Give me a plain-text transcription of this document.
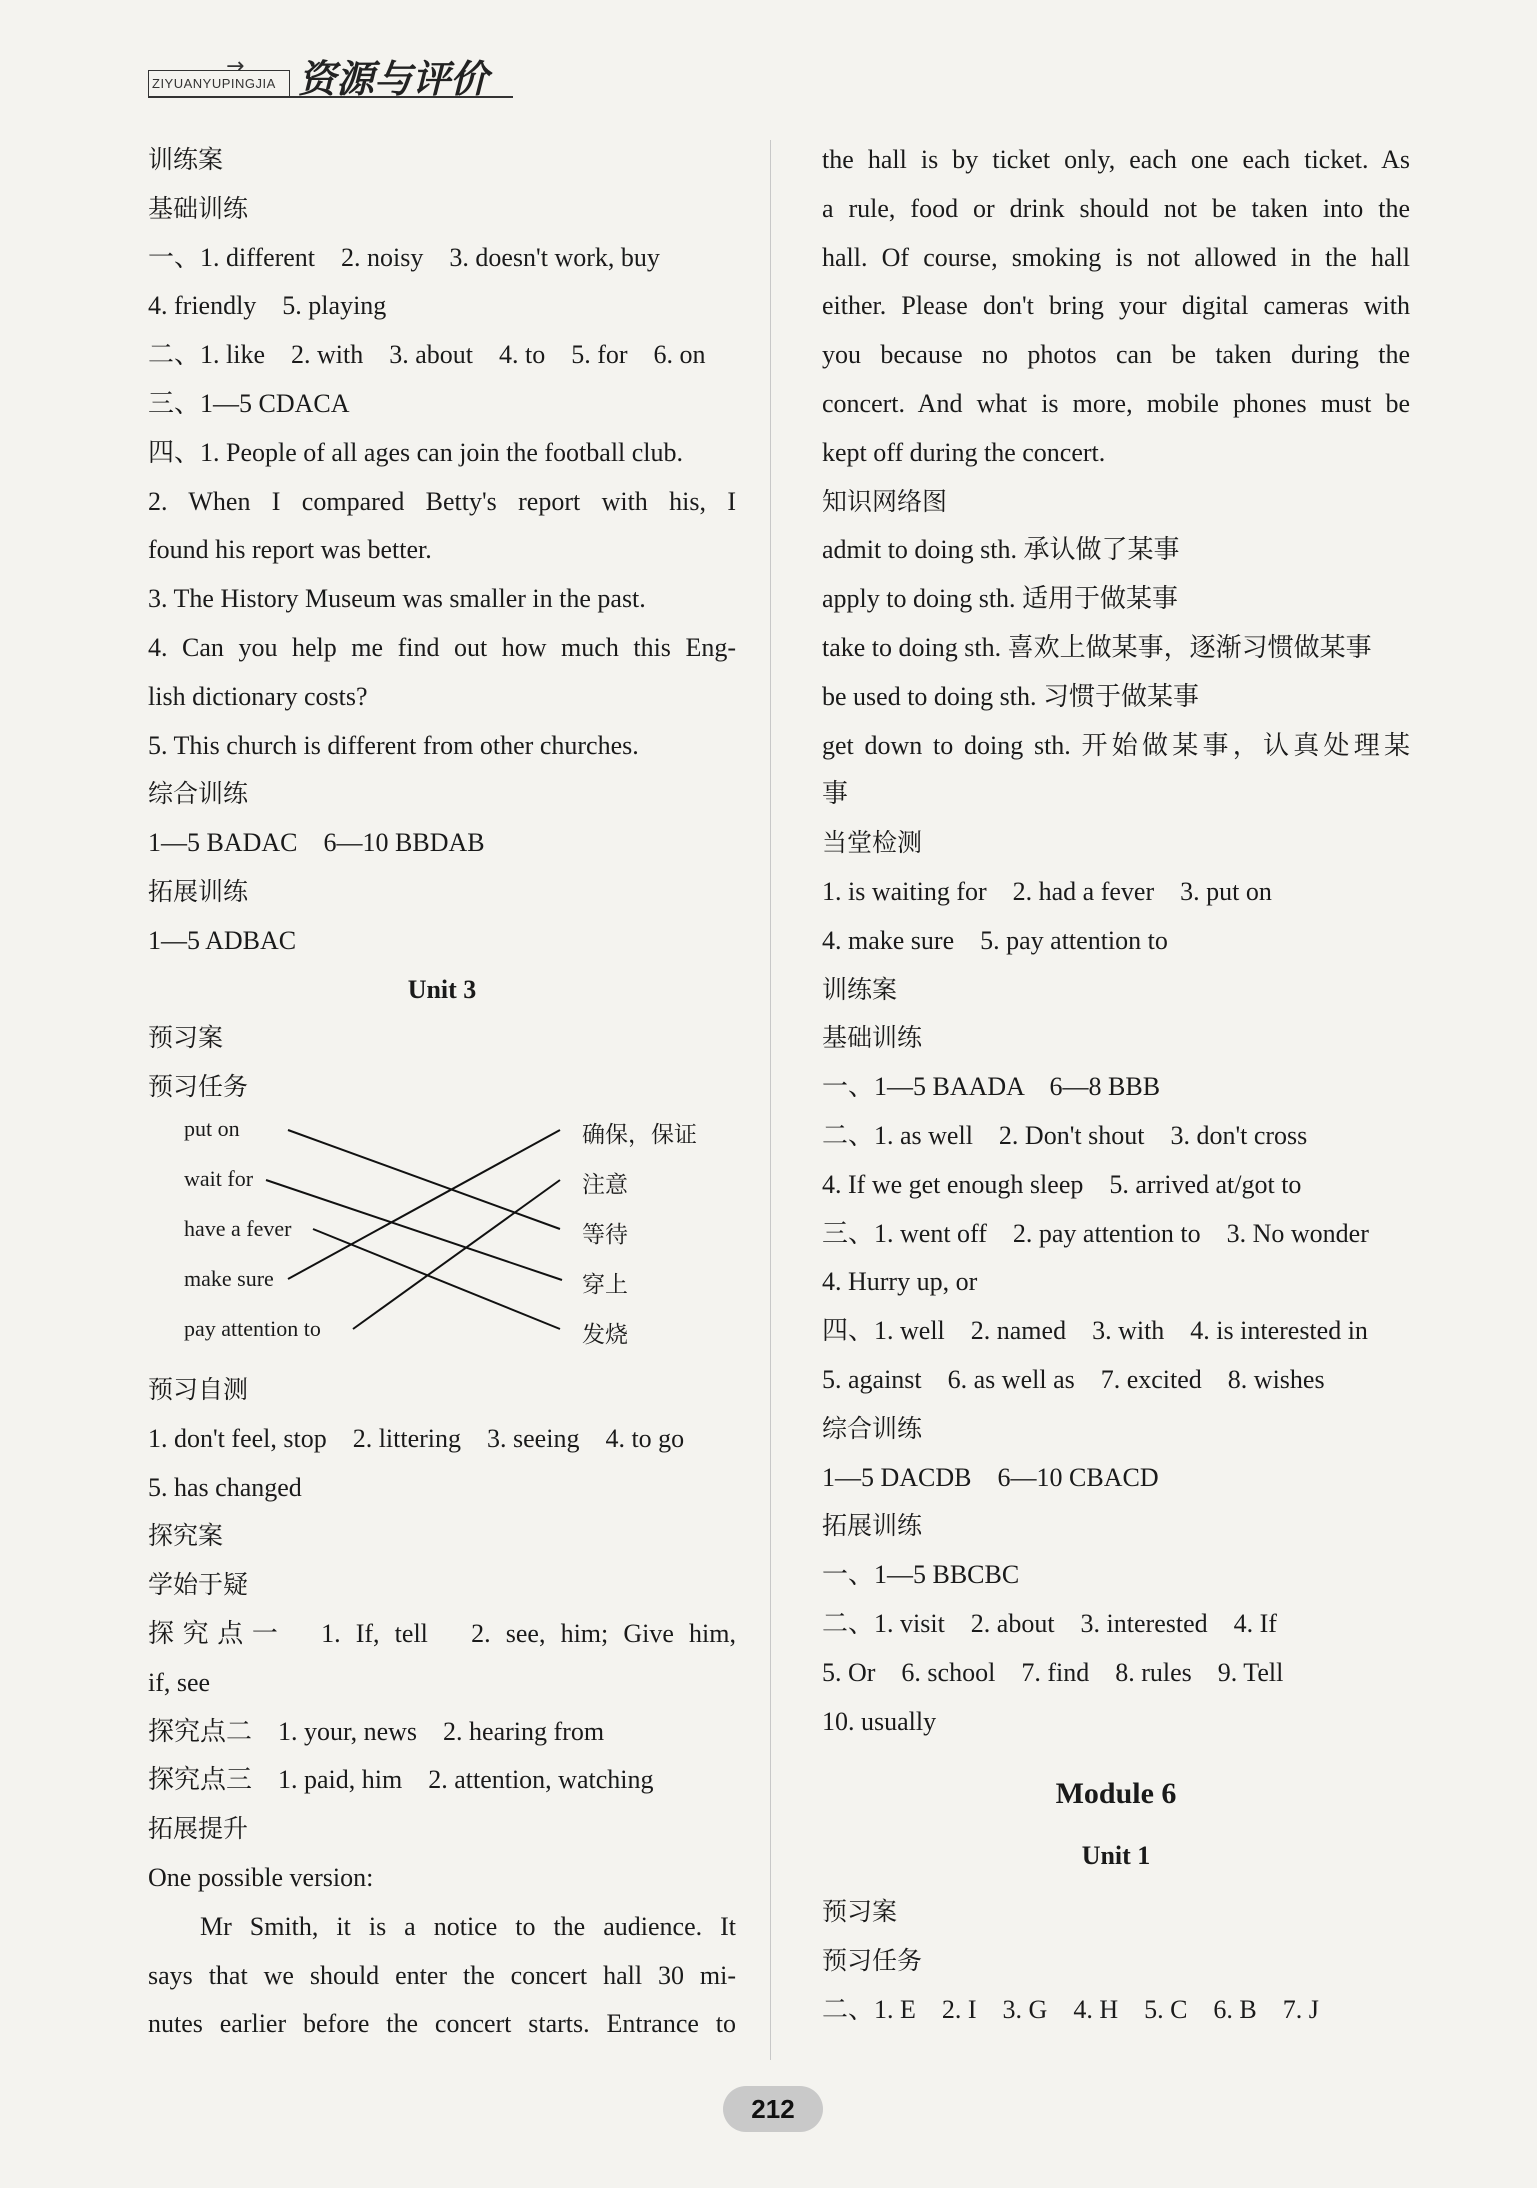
ZIYUANYUPINGJIA
→ 资源与评价
训练案
基础训练
一、1. different　2. noisy　3. doesn't work, buy
4. friendly　5. playing
二、1. like　2. with　3. about　4. to　5. for　6. on
三、1—5 CDACA
四、1. People of all ages can join the football club.
2. When I compared Betty's report with his, I
found his report was better.
3. The History Museum was smaller in the past.
4. Can you help me find out how much this Eng-
lish dictionary costs?
5. This church is different from other churches.
综合训练
1—5 BADAC　6—10 BBDAB
拓展训练
1—5 ADBAC
Unit 3
预习案
预习任务
put on
wait for
have a fever
make sure
pay attention to
确保，保证
注意
等待
穿上
发烧
预习自测
1. don't feel, stop　2. littering　3. seeing　4. to go
5. has changed
探究案
学始于疑
探究点一　1. If, tell　2. see, him; Give him,
if, see
探究点二　1. your, news　2. hearing from
探究点三　1. paid, him　2. attention, watching
拓展提升
One possible version:
Mr Smith, it is a notice to the audience. It
says that we should enter the concert hall 30 mi-
nutes earlier before the concert starts. Entrance to
the hall is by ticket only, each one each ticket. As
a rule, food or drink should not be taken into the
hall. Of course, smoking is not allowed in the hall
either. Please don't bring your digital cameras with
you because no photos can be taken during the
concert. And what is more, mobile phones must be
kept off during the concert.
知识网络图
admit to doing sth. 承认做了某事
apply to doing sth. 适用于做某事
take to doing sth. 喜欢上做某事，逐渐习惯做某事
be used to doing sth. 习惯于做某事
get down to doing sth. 开始做某事，认真处理某
事
当堂检测
1. is waiting for　2. had a fever　3. put on
4. make sure　5. pay attention to
训练案
基础训练
一、1—5 BAADA　6—8 BBB
二、1. as well　2. Don't shout　3. don't cross
4. If we get enough sleep　5. arrived at/got to
三、1. went off　2. pay attention to　3. No wonder
4. Hurry up, or
四、1. well　2. named　3. with　4. is interested in
5. against　6. as well as　7. excited　8. wishes
综合训练
1—5 DACDB　6—10 CBACD
拓展训练
一、1—5 BBCBC
二、1. visit　2. about　3. interested　4. If
5. Or　6. school　7. find　8. rules　9. Tell
10. usually
Module 6
Unit 1
预习案
预习任务
二、1. E　2. I　3. G　4. H　5. C　6. B　7. J
212
